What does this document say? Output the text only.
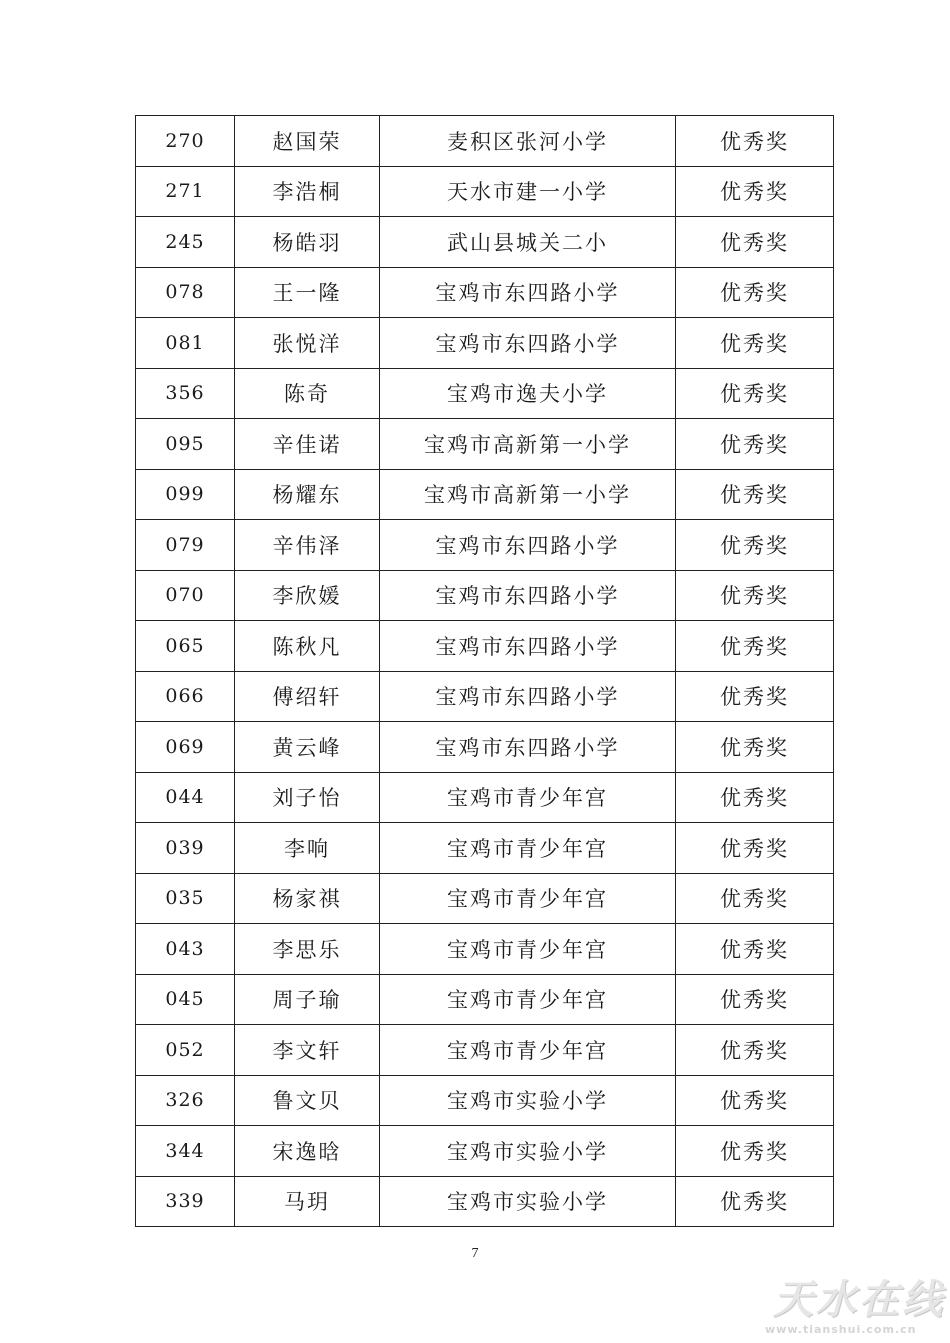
270	赵国荣	麦积区张河小学	优秀奖
271	李浩桐	天水市建一小学	优秀奖
245	杨皓羽	武山县城关二小	优秀奖
078	王一隆	宝鸡市东四路小学	优秀奖
081	张悦洋	宝鸡市东四路小学	优秀奖
356	陈奇	宝鸡市逸夫小学	优秀奖
095	辛佳诺	宝鸡市高新第一小学	优秀奖
099	杨耀东	宝鸡市高新第一小学	优秀奖
079	辛伟泽	宝鸡市东四路小学	优秀奖
070	李欣媛	宝鸡市东四路小学	优秀奖
065	陈秋凡	宝鸡市东四路小学	优秀奖
066	傅绍轩	宝鸡市东四路小学	优秀奖
069	黄云峰	宝鸡市东四路小学	优秀奖
044	刘子怡	宝鸡市青少年宫	优秀奖
039	李响	宝鸡市青少年宫	优秀奖
035	杨家祺	宝鸡市青少年宫	优秀奖
043	李思乐	宝鸡市青少年宫	优秀奖
045	周子瑜	宝鸡市青少年宫	优秀奖
052	李文轩	宝鸡市青少年宫	优秀奖
326	鲁文贝	宝鸡市实验小学	优秀奖
344	宋逸晗	宝鸡市实验小学	优秀奖
339	马玥	宝鸡市实验小学	优秀奖
7
天水在线
www.tianshui.com.cn
